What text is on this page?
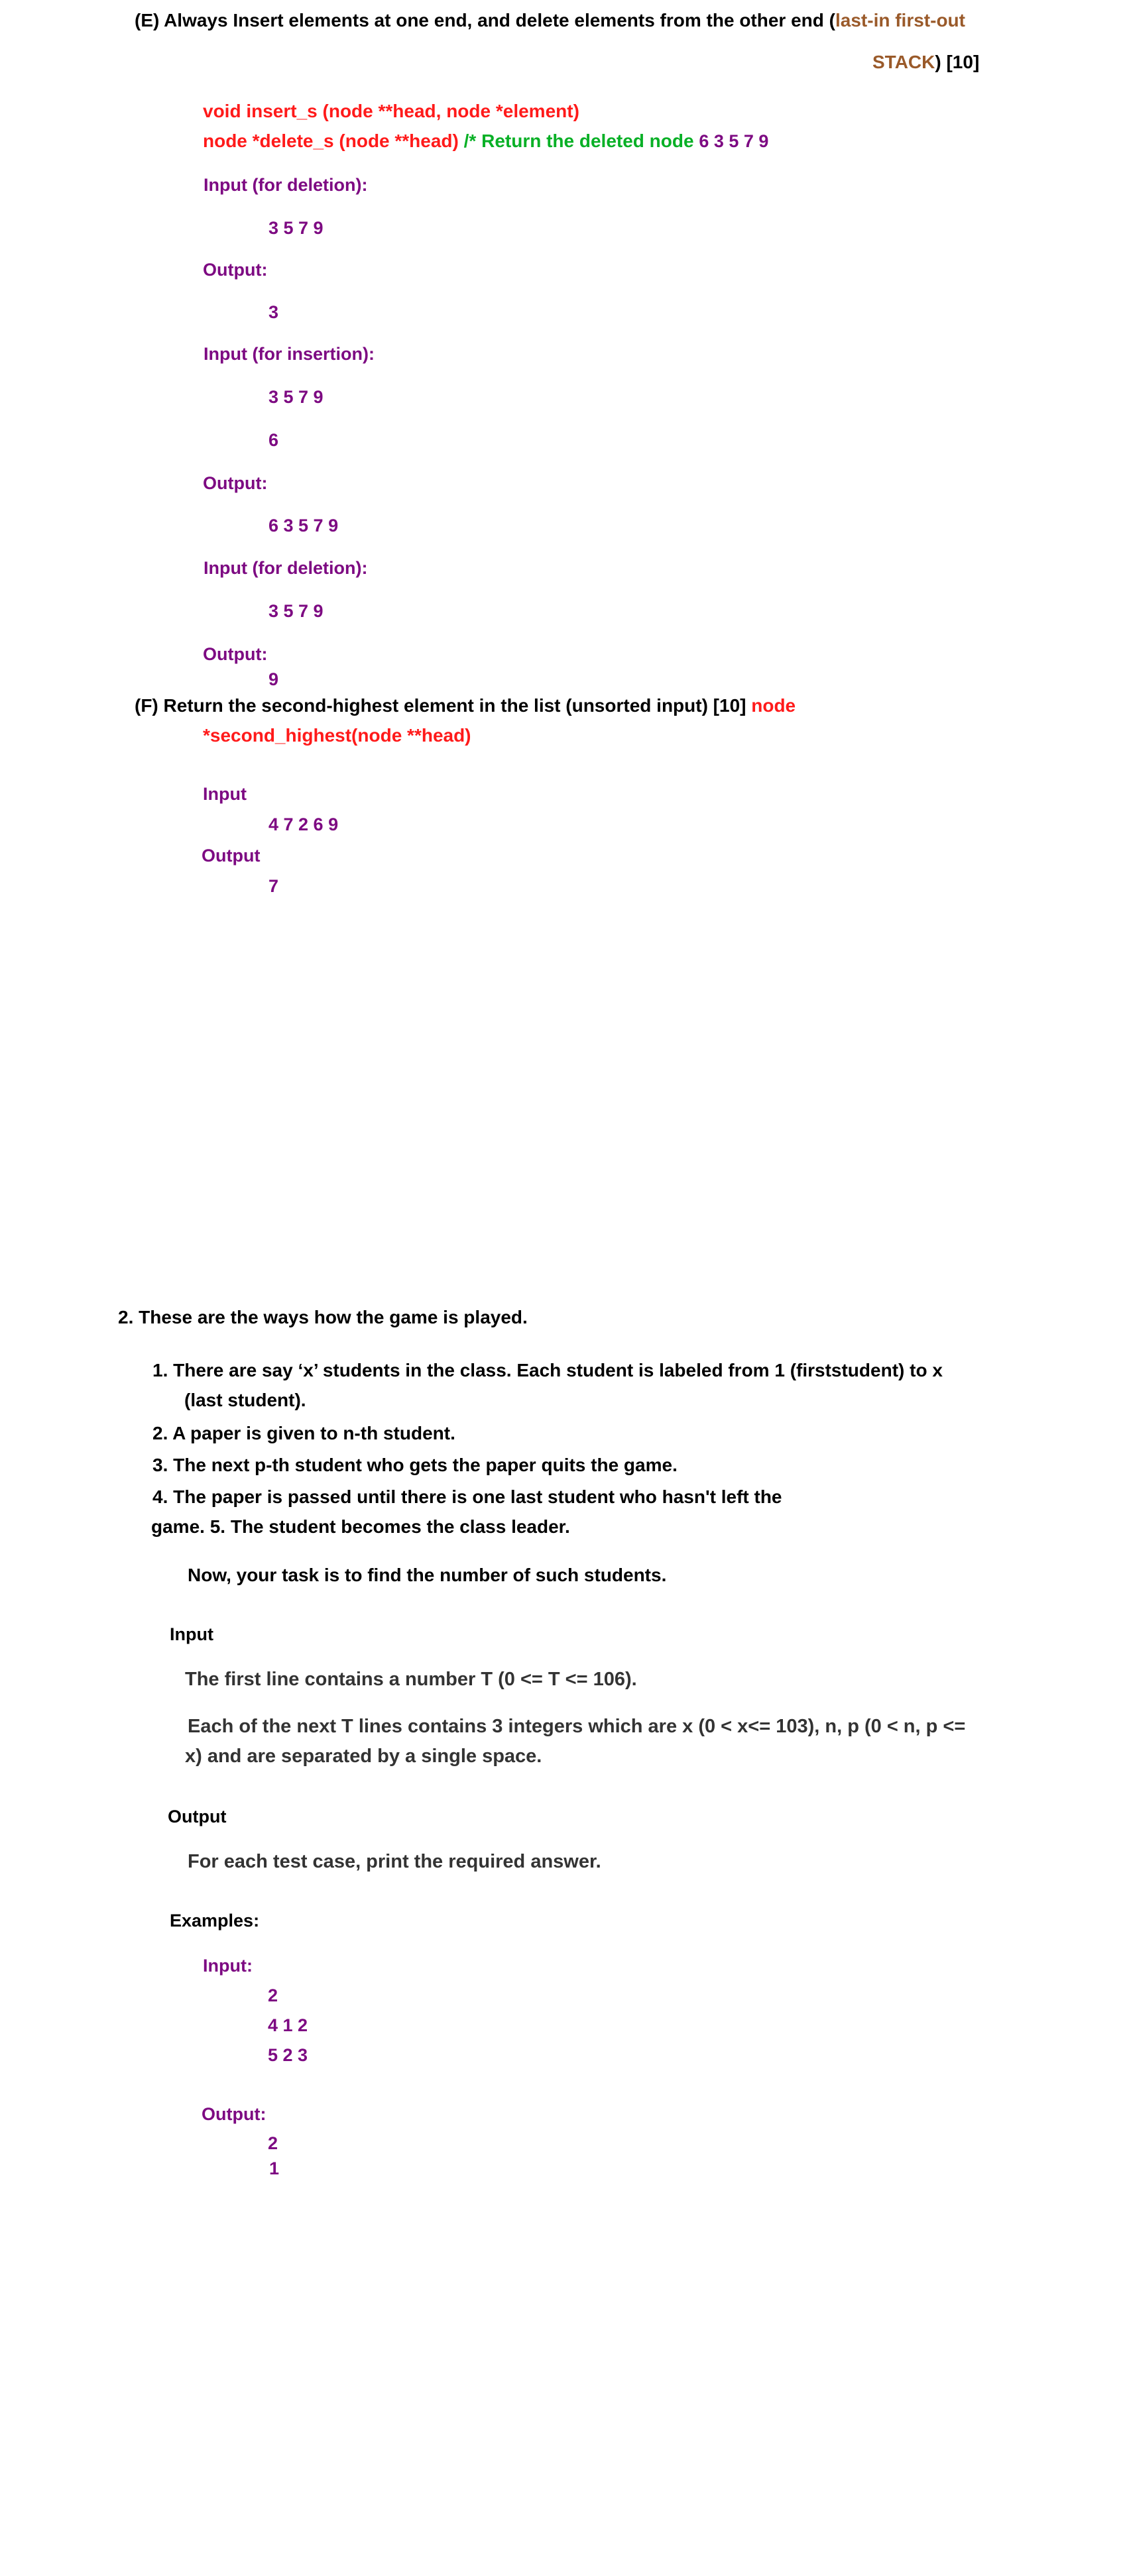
(E) Always Insert elements at one end, and delete elements from the other end (last-in first-out

STACK) [10]

void insert_s (node **head, node *element)

node *delete_s (node **head) /* Return the deleted node 6 3 5 7 9

Input (for deletion):

3 5 7 9

Output:

3

Input (for insertion):

3 5 7 9

6

Output:

6 3 5 7 9

Input (for deletion):

3 5 7 9

Output:

9

(F) Return the second-highest element in the list (unsorted input) [10] node

*second_highest(node **head)

Input

4 7 2 6 9

Output

7

2. These are the ways how the game is played.

1. There are say ‘x’ students in the class. Each student is labeled from 1 (firststudent) to x

(last student).

2. A paper is given to n-th student.

3. The next p-th student who gets the paper quits the game.

4. The paper is passed until there is one last student who hasn't left the

game. 5. The student becomes the class leader.

Now, your task is to find the number of such students.

Input

The first line contains a number T (0 <= T <= 106).

Each of the next T lines contains 3 integers which are x (0 < x<= 103), n, p (0 < n, p <=

x) and are separated by a single space.

Output

For each test case, print the required answer.

Examples:

Input:

2

4 1 2

5 2 3

Output:

2

1
